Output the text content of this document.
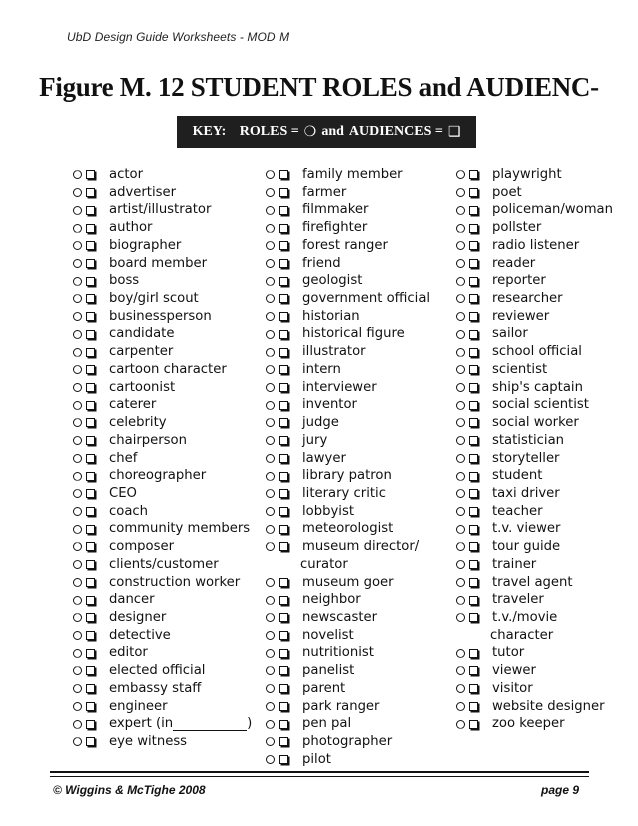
UbD Design Guide Worksheets - MOD M
Figure M. 12 STUDENT ROLES and AUDIENC-
KEY:
ROLES = ❍ and AUDIENCES = ❑
actor
advertiser
artist/illustrator
author
biographer
board member
boss
boy/girl scout
businessperson
candidate
carpenter
cartoon character
cartoonist
caterer
celebrity
chairperson
chef
choreographer
CEO
coach
community members
composer
clients/customer
construction worker
dancer
designer
detective
editor
elected official
embassy staff
engineer
expert (in	)
eye witness
family member
farmer
filmmaker
firefighter
forest ranger
friend
geologist
government official
historian
historical figure
illustrator
intern
interviewer
inventor
judge
jury
lawyer
library patron
literary critic
lobbyist
meteorologist
museum director/
curator
museum goer
neighbor
newscaster
novelist
nutritionist
panelist
parent
park ranger
pen pal
photographer
pilot
playwright
poet
policeman/woman
pollster
radio listener
reader
reporter
researcher
reviewer
sailor
school official
scientist
ship's captain
social scientist
social worker
statistician
storyteller
student
taxi driver
teacher
t.v. viewer
tour guide
trainer
travel agent
traveler
t.v./movie
character
tutor
viewer
visitor
website designer
zoo keeper
© Wiggins & McTighe 2008	page 9
